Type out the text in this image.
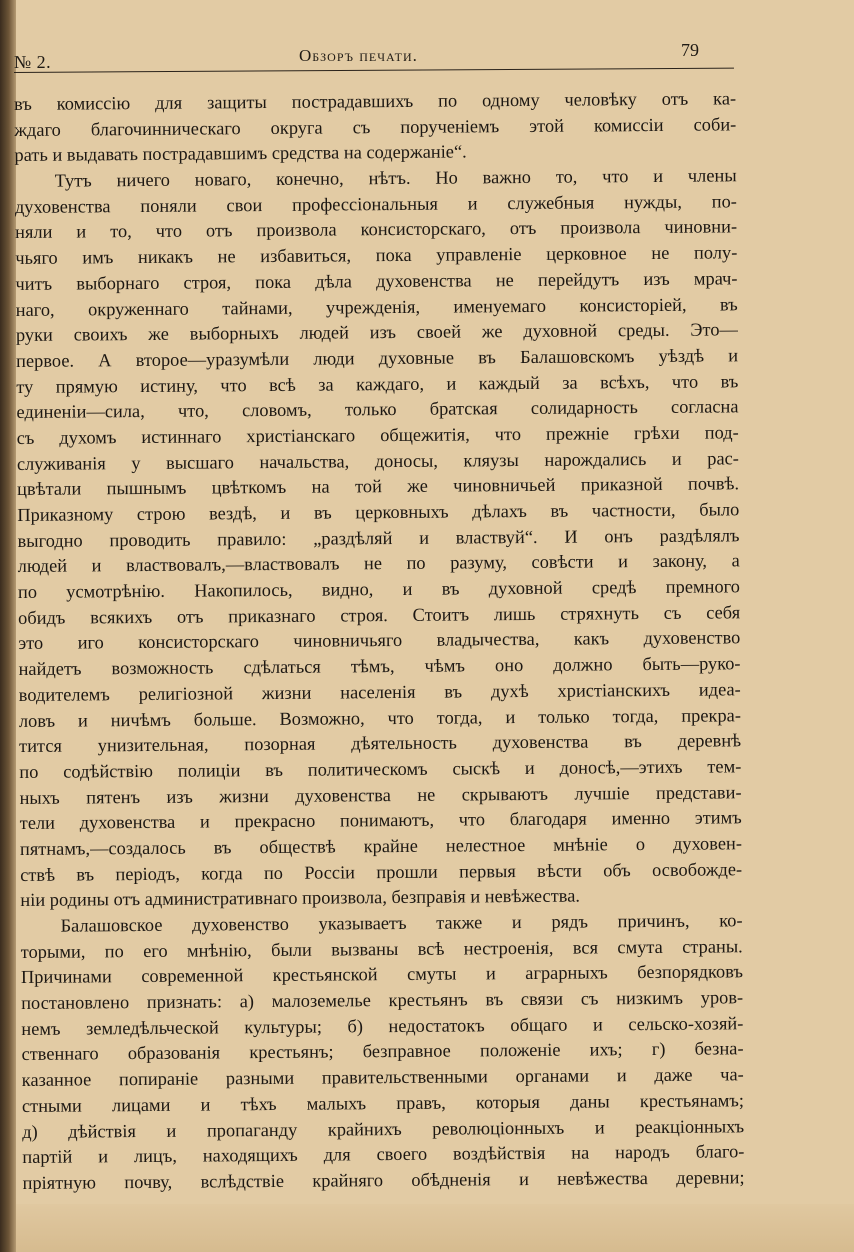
№ 2.	Обзоръ печати.	79
въ комиссію для защиты пострадавшихъ по одному человѣку отъ ка-
ждаго благочинническаго округа съ порученіемъ этой комиссіи соби-
рать и выдавать пострадавшимъ средства на содержаніе“.
Тутъ ничего новаго, конечно, нѣтъ. Но важно то, что и члены
духовенства поняли свои профессіональныя и служебныя нужды, по-
няли и то, что отъ произвола консисторскаго, отъ произвола чиновни-
чьяго имъ никакъ не избавиться, пока управленіе церковное не полу-
читъ выборнаго строя, пока дѣла духовенства не перейдутъ изъ мрач-
наго, окруженнаго тайнами, учрежденія, именуемаго консисторіей, въ
руки своихъ же выборныхъ людей изъ своей же духовной среды. Это—
первое. А второе—уразумѣли люди духовные въ Балашовскомъ уѣздѣ и
ту прямую истину, что всѣ за каждаго, и каждый за всѣхъ, что въ
единеніи—сила, что, словомъ, только братская солидарность согласна
съ духомъ истиннаго христіанскаго общежитія, что прежніе грѣхи под-
служиванія у высшаго начальства, доносы, кляузы нарождались и рас-
цвѣтали пышнымъ цвѣткомъ на той же чиновничьей приказной почвѣ.
Приказному строю вездѣ, и въ церковныхъ дѣлахъ въ частности, было
выгодно проводить правило: „раздѣляй и властвуй“. И онъ раздѣлялъ
людей и властвовалъ,—властвовалъ не по разуму, совѣсти и закону, а
по усмотрѣнію. Накопилось, видно, и въ духовной средѣ премного
обидъ всякихъ отъ приказнаго строя. Стоитъ лишь стряхнуть съ себя
это иго консисторскаго чиновничьяго владычества, какъ духовенство
найдетъ возможность сдѣлаться тѣмъ, чѣмъ оно должно быть—руко-
водителемъ религіозной жизни населенія въ духѣ христіанскихъ идеа-
ловъ и ничѣмъ больше. Возможно, что тогда, и только тогда, прекра-
тится унизительная, позорная дѣятельность духовенства въ деревнѣ
по содѣйствію полиціи въ политическомъ сыскѣ и доносѣ,—этихъ тем-
ныхъ пятенъ изъ жизни духовенства не скрываютъ лучшіе представи-
тели духовенства и прекрасно понимаютъ, что благодаря именно этимъ
пятнамъ,—создалось въ обществѣ крайне нелестное мнѣніе о духовен-
ствѣ въ періодъ, когда по Россіи прошли первыя вѣсти объ освобожде-
ніи родины отъ административнаго произвола, безправія и невѣжества.
Балашовское духовенство указываетъ также и рядъ причинъ, ко-
торыми, по его мнѣнію, были вызваны всѣ нестроенія, вся смута страны.
Причинами современной крестьянской смуты и аграрныхъ безпорядковъ
постановлено признать: а) малоземелье крестьянъ въ связи съ низкимъ уров-
немъ земледѣльческой культуры; б) недостатокъ общаго и сельско-хозяй-
ственнаго образованія крестьянъ; безправное положеніе ихъ; г) безна-
казанное попираніе разными правительственными органами и даже ча-
стными лицами и тѣхъ малыхъ правъ, которыя даны крестьянамъ;
д) дѣйствія и пропаганду крайнихъ революціонныхъ и реакціонныхъ
партій и лицъ, находящихъ для своего воздѣйствія на народъ благо-
пріятную почву, вслѣдствіе крайняго обѣдненія и невѣжества деревни;
